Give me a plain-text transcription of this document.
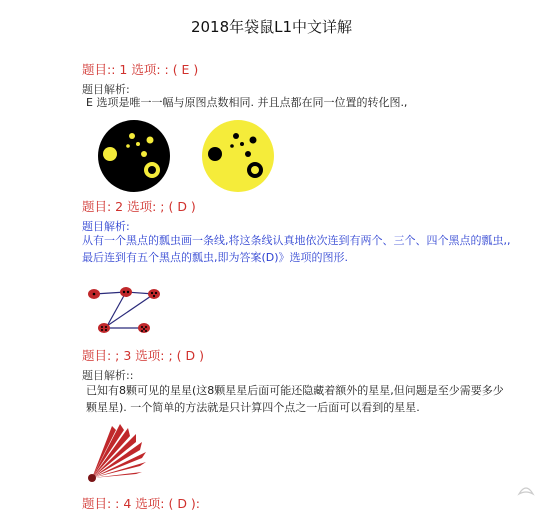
2018年袋鼠L1中文详解
题目:: 1 选项: : ( E )
题目解析:
E 选项是唯一一幅与原图点数相同. 并且点都在同一位置的转化图.,
题目: 2 选项: ; ( D )
题目解析:
从有一个黑点的瓢虫画一条线,将这条线认真地依次连到有两个、三个、四个黑点的瓢虫,,
最后连到有五个黑点的瓢虫,即为答案(D)》选项的图形.
题目: ; 3 选项: ; ( D )
题目解析::
已知有8颗可见的星星(这8颗星星后面可能还隐藏着额外的星星,但问题是至少需要多少
颗星星). 一个简单的方法就是只计算四个点之一后面可以看到的星星.
题目: : 4 选项: ( D ):
